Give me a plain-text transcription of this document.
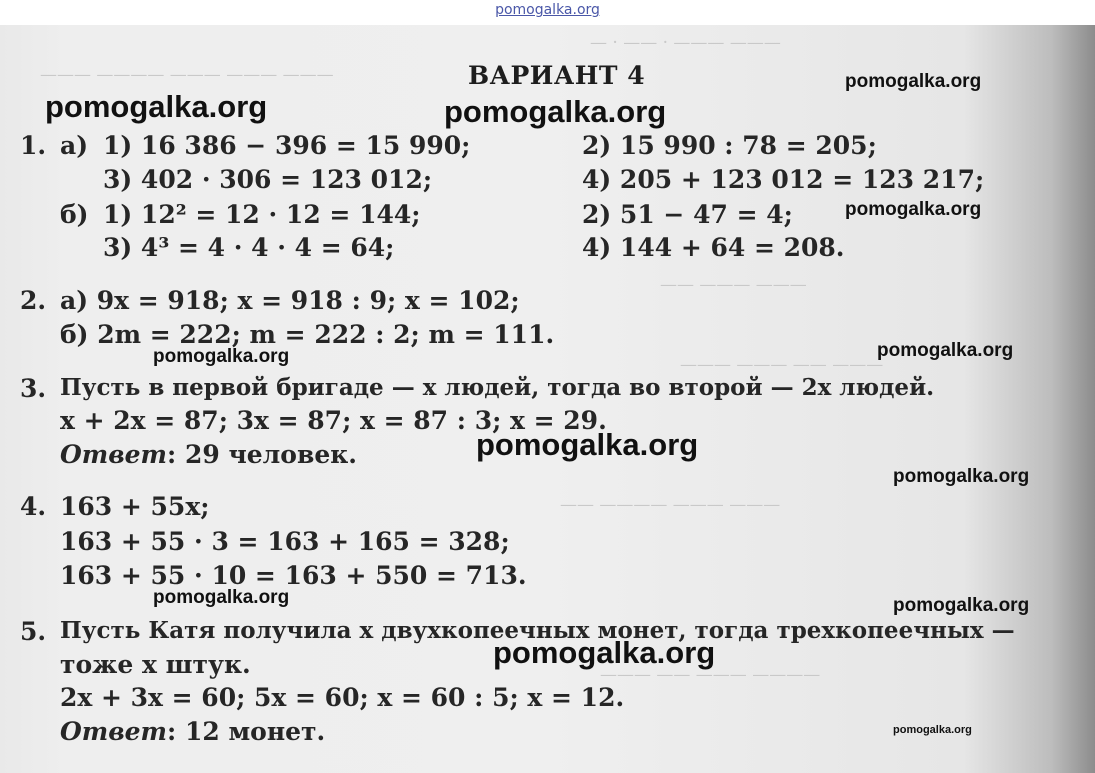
pomogalka.org
— · —— · ——— ———
——— ———— ——— ——— ———
—— ——— ———
——— ——— —— ———
—— ———— ——— ———
——— —— ——— ————
ВАРИАНТ 4
1. а) 1) 16 386 − 396 = 15 990;	2) 15 990 : 78 = 205;
3) 402 · 306 = 123 012;	4) 205 + 123 012 = 123 217;
б) 1) 12² = 12 · 12 = 144;	2) 51 − 47 = 4;
3) 4³ = 4 · 4 · 4 = 64;	4) 144 + 64 = 208.
2. а) 9x = 918; x = 918 : 9; x = 102;
б) 2m = 222; m = 222 : 2; m = 111.
3. Пусть в первой бригаде — x людей, тогда во второй — 2x людей.
x + 2x = 87; 3x = 87; x = 87 : 3; x = 29.
Ответ: 29 человек.
4. 163 + 55x;
163 + 55 · 3 = 163 + 165 = 328;
163 + 55 · 10 = 163 + 550 = 713.
5. Пусть Катя получила x двухкопеечных монет, тогда трехкопеечных —
тоже x штук.
2x + 3x = 60; 5x = 60; x = 60 : 5; x = 12.
Ответ: 12 монет.
pomogalka.org	pomogalka.org
pomogalka.org
pomogalka.org
pomogalka.org	pomogalka.org
pomogalka.org
pomogalka.org
pomogalka.org	pomogalka.org
pomogalka.org
pomogalka.org
